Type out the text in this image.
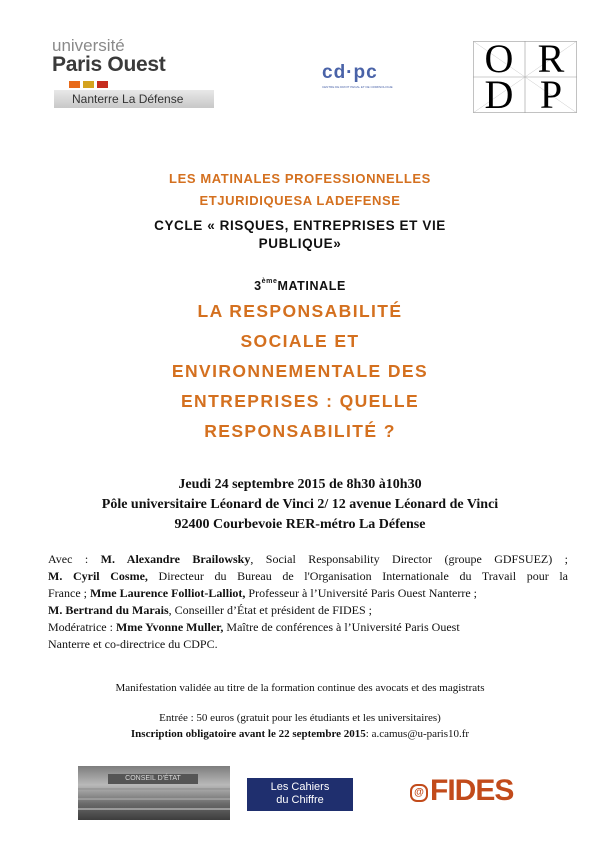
université
Paris Ouest
Nanterre La Défense
cd·pc
CENTRE DE DROIT PENAL ET DE CRIMINOLOGIE
O R
D P
LES MATINALES PROFESSIONNELLES
ETJURIDIQUESA LADEFENSE
CYCLE « RISQUES, ENTREPRISES ET VIE
PUBLIQUE»
3èmeMATINALE
LA RESPONSABILITÉ
SOCIALE ET
ENVIRONNEMENTALE DES
ENTREPRISES : QUELLE
RESPONSABILITÉ ?
Jeudi 24 septembre 2015 de 8h30 à10h30
Pôle universitaire Léonard de Vinci 2/ 12 avenue Léonard de Vinci
92400 Courbevoie RER-métro La Défense
Avec : M. Alexandre Brailowsky, Social Responsability Director (groupe GDFSUEZ) ;
M. Cyril Cosme, Directeur du Bureau de l'Organisation Internationale du Travail pour la
France ; Mme Laurence Folliot-Lalliot, Professeur à l’Université Paris Ouest Nanterre ;
M. Bertrand du Marais, Conseiller d’État et président de FIDES ;
Modératrice : Mme Yvonne Muller, Maître de conférences à l’Université Paris Ouest
Nanterre et co-directrice du CDPC.
Manifestation validée au titre de la formation continue des avocats et des magistrats
Entrée : 50 euros (gratuit pour les étudiants et les universitaires)
Inscription obligatoire avant le 22 septembre 2015: a.camus@u-paris10.fr
CONSEIL D'ÉTAT
Les Cahiers
du Chiffre
@ FIDES
